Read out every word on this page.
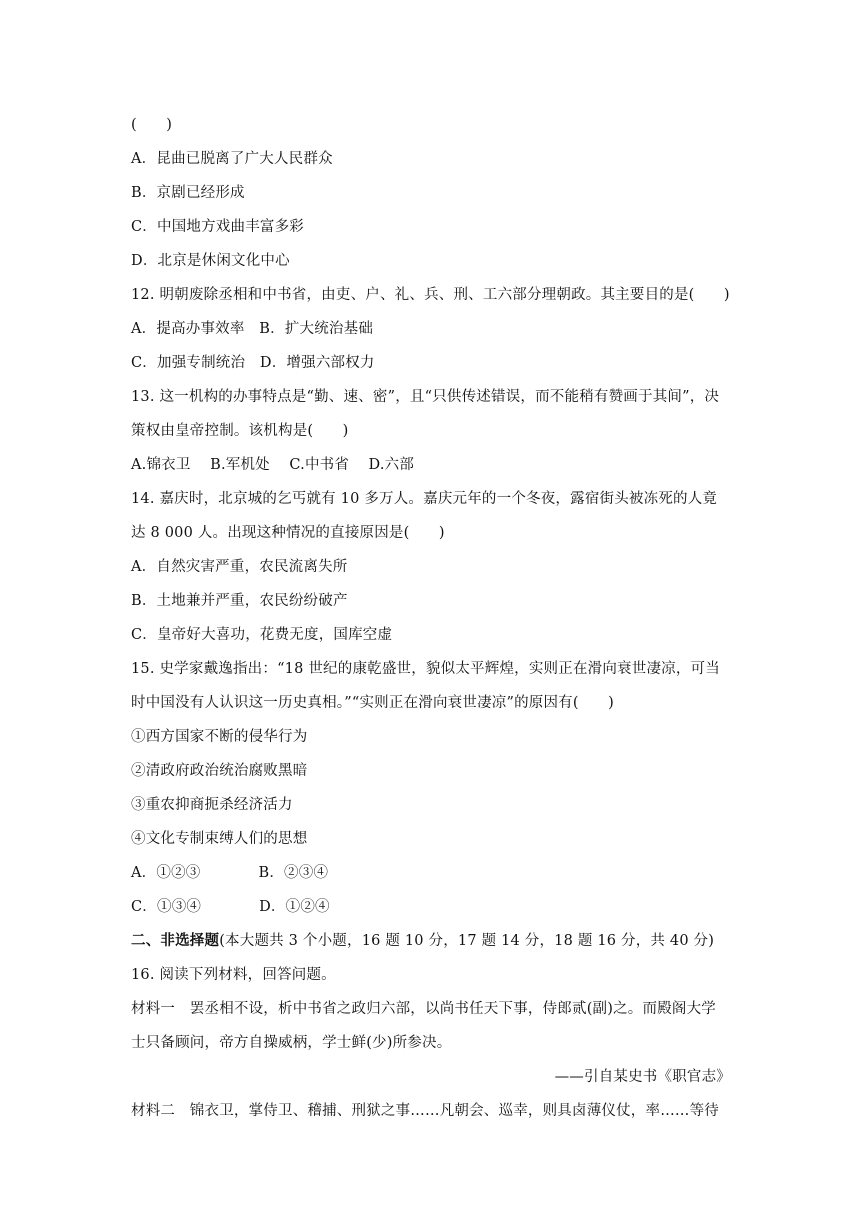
(　　)
A．昆曲已脱离了广大人民群众
B．京剧已经形成
C．中国地方戏曲丰富多彩
D．北京是休闲文化中心
12. 明朝废除丞相和中书省，由吏、户、礼、兵、刑、工六部分理朝政。其主要目的是(　　)
A．提高办事效率　B．扩大统治基础
C．加强专制统治　D．增强六部权力
13. 这一机构的办事特点是“勤、速、密”，且“只供传述错误，而不能稍有赞画于其间”，决
策权由皇帝控制。该机构是(　　)
A.锦衣卫　 B.军机处　 C.中书省　 D.六部
14. 嘉庆时，北京城的乞丐就有 10 多万人。嘉庆元年的一个冬夜，露宿街头被冻死的人竟
达 8 000 人。出现这种情况的直接原因是(　　)
A．自然灾害严重，农民流离失所
B．土地兼并严重，农民纷纷破产
C．皇帝好大喜功，花费无度，国库空虚
15. 史学家戴逸指出：“18 世纪的康乾盛世，貌似太平辉煌，实则正在滑向衰世凄凉，可当
时中国没有人认识这一历史真相。”“实则正在滑向衰世凄凉”的原因有(　　)
①西方国家不断的侵华行为
②清政府政治统治腐败黑暗
③重农抑商扼杀经济活力
④文化专制束缚人们的思想
A．①②③	B．②③④
C．①③④	D．①②④
二、非选择题(本大题共 3 个小题，16 题 10 分，17 题 14 分，18 题 16 分，共 40 分)
16. 阅读下列材料，回答问题。
材料一　罢丞相不设，析中书省之政归六部，以尚书任天下事，侍郎贰(副)之。而殿阁大学
士只备顾问，帝方自操威柄，学士鲜(少)所参决。
——引自某史书《职官志》
材料二　锦衣卫，掌侍卫、稽捕、刑狱之事……凡朝会、巡幸，则具卤薄仪仗，率……等待
